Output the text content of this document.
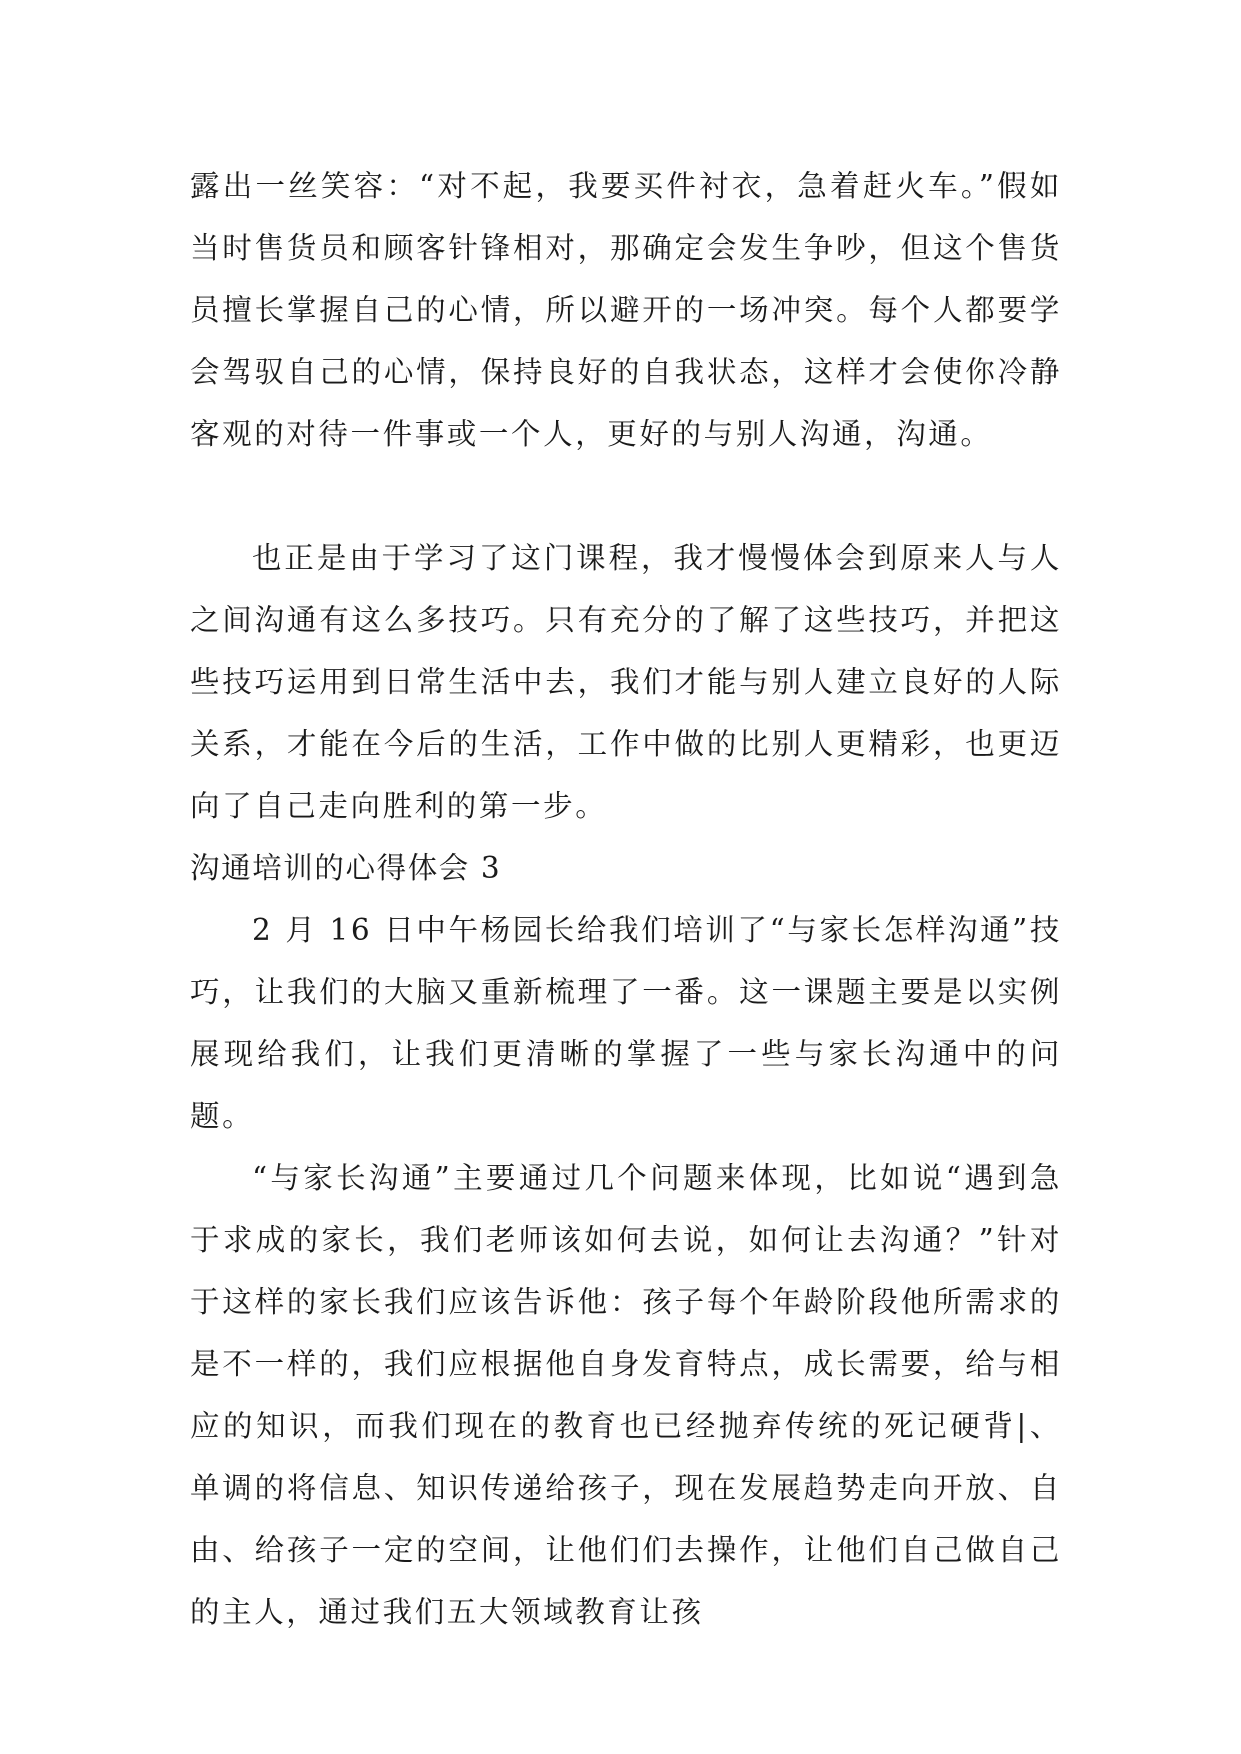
露出一丝笑容：“对不起，我要买件衬衣，急着赶火车。”假如当时售货员和顾客针锋相对，那确定会发生争吵，但这个售货员擅长掌握自己的心情，所以避开的一场冲突。每个人都要学会驾驭自己的心情，保持良好的自我状态，这样才会使你冷静客观的对待一件事或一个人，更好的与别人沟通，沟通。

也正是由于学习了这门课程，我才慢慢体会到原来人与人之间沟通有这么多技巧。只有充分的了解了这些技巧，并把这些技巧运用到日常生活中去，我们才能与别人建立良好的人际关系，才能在今后的生活，工作中做的比别人更精彩，也更迈向了自己走向胜利的第一步。

沟通培训的心得体会 3

2 月 16 日中午杨园长给我们培训了“与家长怎样沟通”技巧，让我们的大脑又重新梳理了一番。这一课题主要是以实例展现给我们，让我们更清晰的掌握了一些与家长沟通中的问题。

“与家长沟通”主要通过几个问题来体现，比如说“遇到急于求成的家长，我们老师该如何去说，如何让去沟通？”针对于这样的家长我们应该告诉他：孩子每个年龄阶段他所需求的是不一样的，我们应根据他自身发育特点，成长需要，给与相应的知识，而我们现在的教育也已经抛弃传统的死记硬背|、单调的将信息、知识传递给孩子，现在发展趋势走向开放、自由、给孩子一定的空间，让他们们去操作，让他们自己做自己的主人，通过我们五大领域教育让孩
